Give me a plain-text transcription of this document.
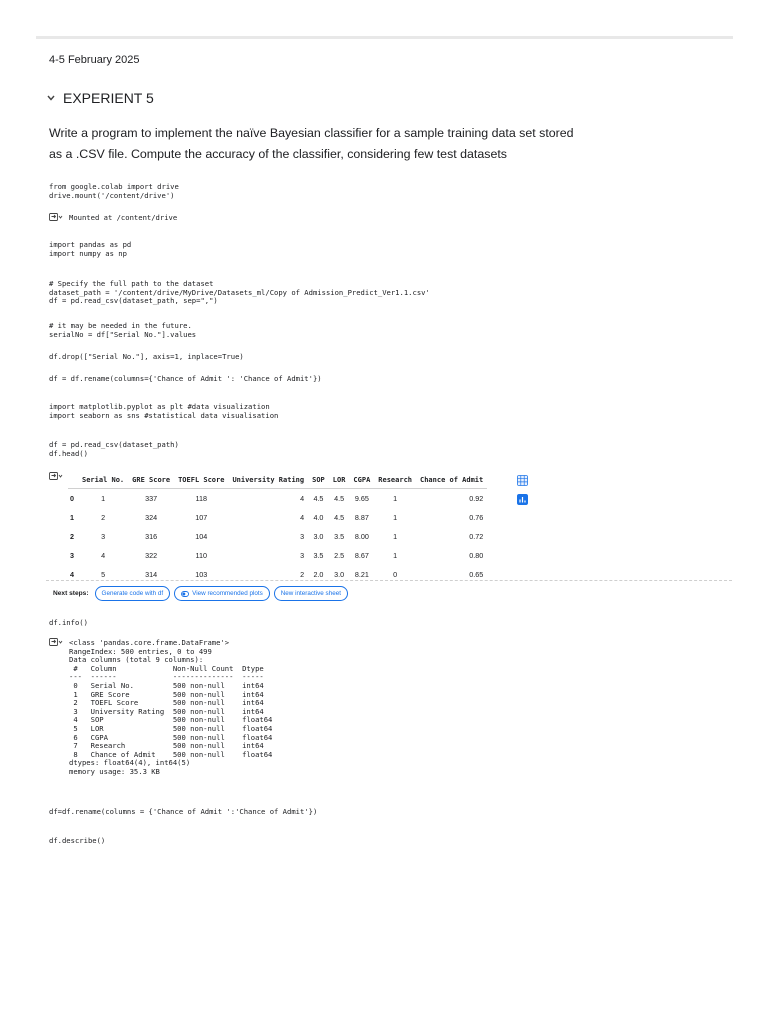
4-5 February 2025
EXPERIENT 5
Write a program to implement the naïve Bayesian classifier for a sample training data set stored as a .CSV file. Compute the accuracy of the classifier, considering few test datasets
from google.colab import drive
drive.mount('/content/drive')
Mounted at /content/drive
import pandas as pd
import numpy as np
# Specify the full path to the dataset
dataset_path = '/content/drive/MyDrive/Datasets_ml/Copy of Admission_Predict_Ver1.1.csv'
df = pd.read_csv(dataset_path, sep=",")
# it may be needed in the future.
serialNo = df["Serial No."].values
df.drop(["Serial No."], axis=1, inplace=True)
df = df.rename(columns={'Chance of Admit ': 'Chance of Admit'})
import matplotlib.pyplot as plt #data visualization
import seaborn as sns #statistical data visualisation
df = pd.read_csv(dataset_path)
df.head()
	Serial No.	GRE Score	TOEFL Score	University Rating	SOP	LOR	CGPA	Research	Chance of Admit
0	1	337	118	4	4.5	4.5	9.65	1	0.92
1	2	324	107	4	4.0	4.5	8.87	1	0.76
2	3	316	104	3	3.0	3.5	8.00	1	0.72
3	4	322	110	3	3.5	2.5	8.67	1	0.80
4	5	314	103	2	2.0	3.0	8.21	0	0.65
Next steps: Generate code with df	View recommended plots	New interactive sheet
df.info()
<class 'pandas.core.frame.DataFrame'>
RangeIndex: 500 entries, 0 to 499
Data columns (total 9 columns):
#   Column             Non-Null Count  Dtype
---  ------             --------------  -----
0   Serial No.         500 non-null    int64
1   GRE Score          500 non-null    int64
2   TOEFL Score        500 non-null    int64
3   University Rating  500 non-null    int64
4   SOP                500 non-null    float64
5   LOR                500 non-null    float64
6   CGPA               500 non-null    float64
7   Research           500 non-null    int64
8   Chance of Admit    500 non-null    float64
dtypes: float64(4), int64(5)
memory usage: 35.3 KB
df=df.rename(columns = {'Chance of Admit ':'Chance of Admit'})
df.describe()
